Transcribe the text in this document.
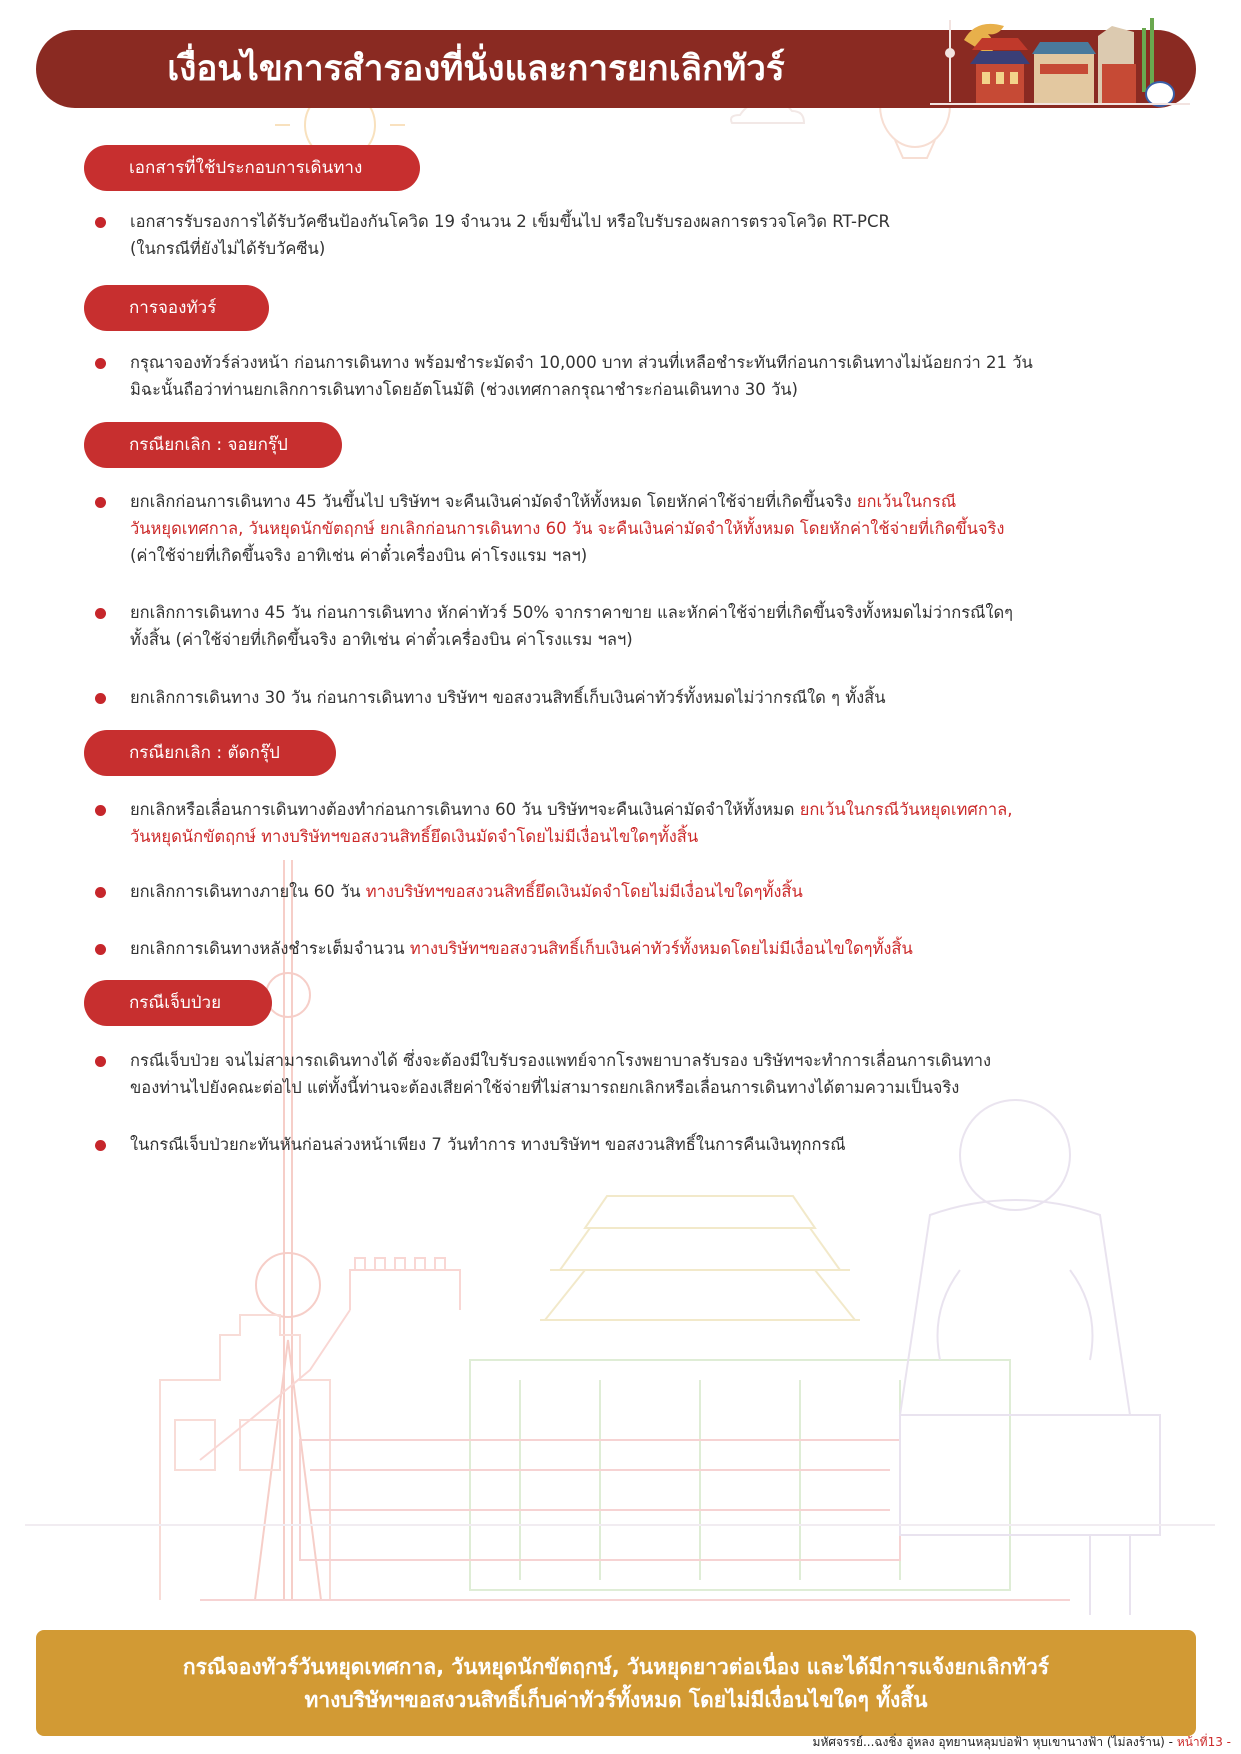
เงื่อนไขการสำรองที่นั่งและการยกเลิกทัวร์
เอกสารที่ใช้ประกอบการเดินทาง
เอกสารรับรองการได้รับวัคซีนป้องกันโควิด 19 จำนวน 2 เข็มขึ้นไป หรือใบรับรองผลการตรวจโควิด RT-PCR
(ในกรณีที่ยังไม่ได้รับวัคซีน)
การจองทัวร์
กรุณาจองทัวร์ล่วงหน้า ก่อนการเดินทาง พร้อมชำระมัดจำ 10,000 บาท ส่วนที่เหลือชำระทันทีก่อนการเดินทางไม่น้อยกว่า 21 วัน
มิฉะนั้นถือว่าท่านยกเลิกการเดินทางโดยอัตโนมัติ (ช่วงเทศกาลกรุณาชำระก่อนเดินทาง 30 วัน)
กรณียกเลิก : จอยกรุ๊ป
ยกเลิกก่อนการเดินทาง 45 วันขึ้นไป บริษัทฯ จะคืนเงินค่ามัดจำให้ทั้งหมด โดยหักค่าใช้จ่ายที่เกิดขึ้นจริง ยกเว้นในกรณี
วันหยุดเทศกาล, วันหยุดนักขัตฤกษ์ ยกเลิกก่อนการเดินทาง 60 วัน จะคืนเงินค่ามัดจำให้ทั้งหมด โดยหักค่าใช้จ่ายที่เกิดขึ้นจริง
(ค่าใช้จ่ายที่เกิดขึ้นจริง อาทิเช่น ค่าตั๋วเครื่องบิน ค่าโรงแรม ฯลฯ)
ยกเลิกการเดินทาง 45 วัน ก่อนการเดินทาง หักค่าทัวร์ 50% จากราคาขาย และหักค่าใช้จ่ายที่เกิดขึ้นจริงทั้งหมดไม่ว่ากรณีใดๆ
ทั้งสิ้น (ค่าใช้จ่ายที่เกิดขึ้นจริง อาทิเช่น ค่าตั๋วเครื่องบิน ค่าโรงแรม ฯลฯ)
ยกเลิกการเดินทาง 30 วัน ก่อนการเดินทาง บริษัทฯ ขอสงวนสิทธิ์เก็บเงินค่าทัวร์ทั้งหมดไม่ว่ากรณีใด ๆ ทั้งสิ้น
กรณียกเลิก : ตัดกรุ๊ป
ยกเลิกหรือเลื่อนการเดินทางต้องทำก่อนการเดินทาง 60 วัน บริษัทฯจะคืนเงินค่ามัดจำให้ทั้งหมด ยกเว้นในกรณีวันหยุดเทศกาล,
วันหยุดนักขัตฤกษ์ ทางบริษัทฯขอสงวนสิทธิ์ยึดเงินมัดจำโดยไม่มีเงื่อนไขใดๆทั้งสิ้น
ยกเลิกการเดินทางภายใน 60 วัน ทางบริษัทฯขอสงวนสิทธิ์ยึดเงินมัดจำโดยไม่มีเงื่อนไขใดๆทั้งสิ้น
ยกเลิกการเดินทางหลังชำระเต็มจำนวน ทางบริษัทฯขอสงวนสิทธิ์เก็บเงินค่าทัวร์ทั้งหมดโดยไม่มีเงื่อนไขใดๆทั้งสิ้น
กรณีเจ็บป่วย
กรณีเจ็บป่วย จนไม่สามารถเดินทางได้ ซึ่งจะต้องมีใบรับรองแพทย์จากโรงพยาบาลรับรอง บริษัทฯจะทำการเลื่อนการเดินทาง
ของท่านไปยังคณะต่อไป แต่ทั้งนี้ท่านจะต้องเสียค่าใช้จ่ายที่ไม่สามารถยกเลิกหรือเลื่อนการเดินทางได้ตามความเป็นจริง
ในกรณีเจ็บป่วยกะทันหันก่อนล่วงหน้าเพียง 7 วันทำการ ทางบริษัทฯ ขอสงวนสิทธิ์ในการคืนเงินทุกกรณี
กรณีจองทัวร์วันหยุดเทศกาล, วันหยุดนักขัตฤกษ์, วันหยุดยาวต่อเนื่อง และได้มีการแจ้งยกเลิกทัวร์
ทางบริษัทฯขอสงวนสิทธิ์เก็บค่าทัวร์ทั้งหมด โดยไม่มีเงื่อนไขใดๆ ทั้งสิ้น
มหัศจรรย์...ฉงชิ่ง อู่หลง อุทยานหลุมบ่อฟ้า หุบเขานางฟ้า (ไม่ลงร้าน) - หน้าที่13 -
